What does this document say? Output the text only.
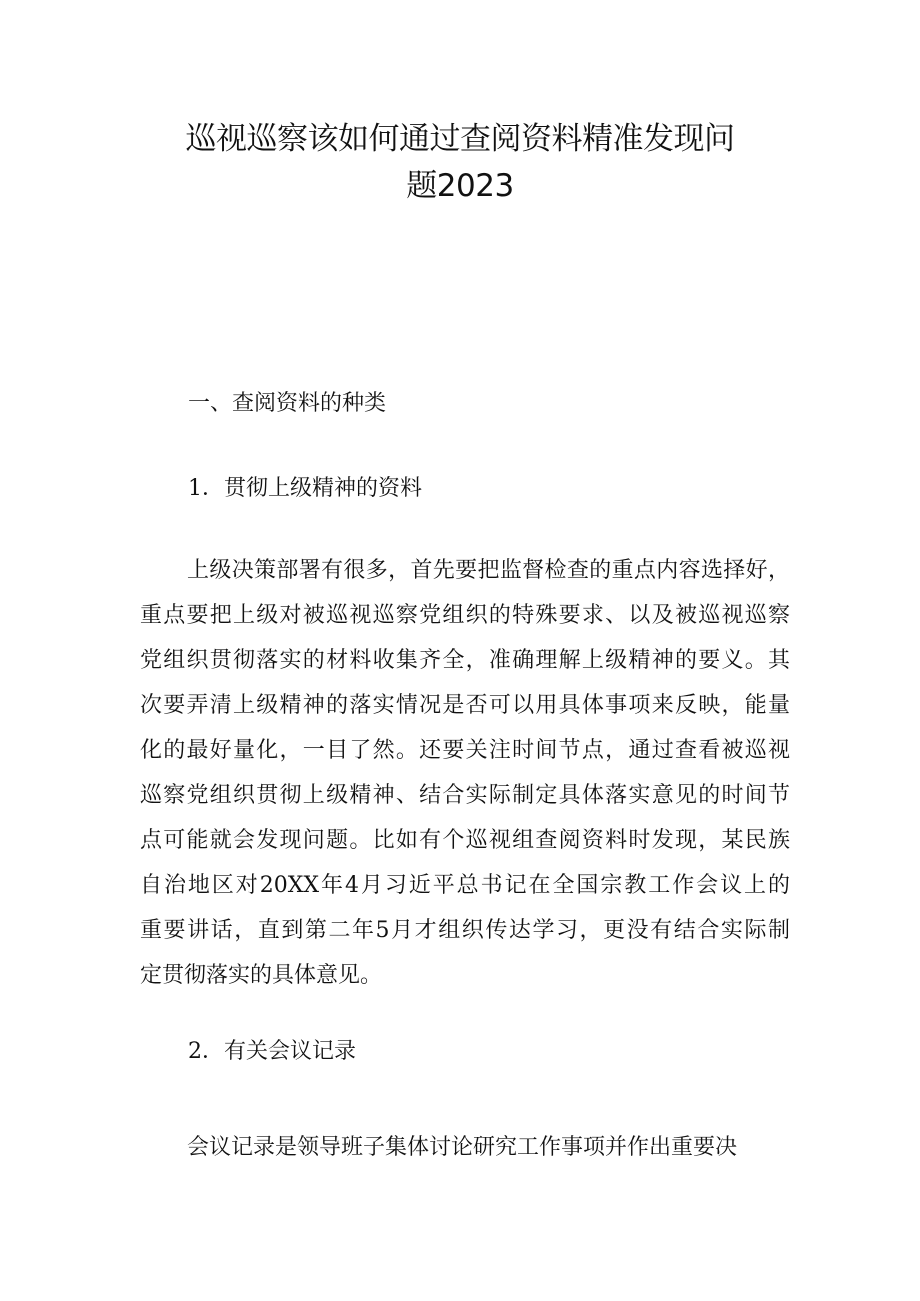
巡视巡察该如何通过查阅资料精准发现问
题2023

一、查阅资料的种类

1．贯彻上级精神的资料

上级决策部署有很多，首先要把监督检查的重点内容选择好，
重点要把上级对被巡视巡察党组织的特殊要求、以及被巡视巡察
党组织贯彻落实的材料收集齐全，准确理解上级精神的要义。其
次要弄清上级精神的落实情况是否可以用具体事项来反映，能量
化的最好量化，一目了然。还要关注时间节点，通过查看被巡视
巡察党组织贯彻上级精神、结合实际制定具体落实意见的时间节
点可能就会发现问题。比如有个巡视组查阅资料时发现，某民族
自治地区对20XX年4月习近平总书记在全国宗教工作会议上的
重要讲话，直到第二年5月才组织传达学习，更没有结合实际制
定贯彻落实的具体意见。

2．有关会议记录

会议记录是领导班子集体讨论研究工作事项并作出重要决
